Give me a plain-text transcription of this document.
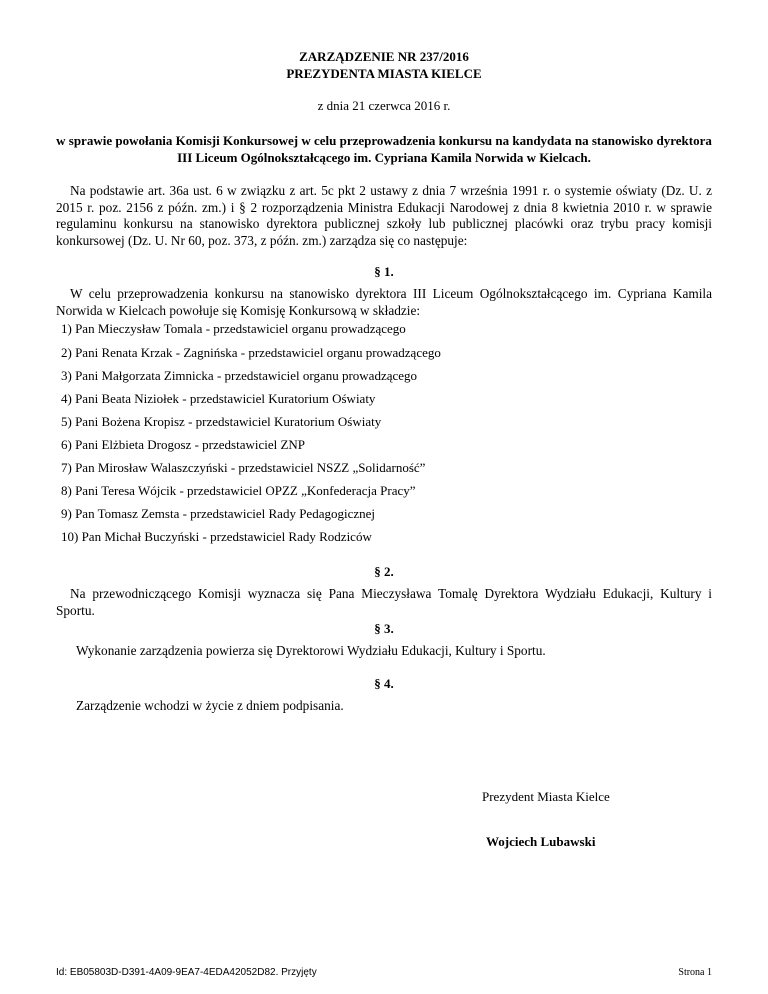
ZARZĄDZENIE NR 237/2016
PREZYDENTA MIASTA KIELCE
z dnia 21 czerwca 2016 r.
w sprawie powołania Komisji Konkursowej w celu przeprowadzenia konkursu na kandydata na stanowisko dyrektora III Liceum Ogólnokształcącego im. Cypriana Kamila Norwida w Kielcach.
Na podstawie art. 36a ust. 6 w związku z art. 5c pkt 2 ustawy z dnia 7 września 1991 r. o systemie oświaty (Dz. U. z 2015 r. poz. 2156 z późn. zm.) i § 2 rozporządzenia Ministra Edukacji Narodowej z dnia 8 kwietnia 2010 r. w sprawie regulaminu konkursu na stanowisko dyrektora publicznej szkoły lub publicznej placówki oraz trybu pracy komisji konkursowej (Dz. U. Nr 60, poz. 373, z późn. zm.) zarządza się co następuje:
§ 1.
W celu przeprowadzenia konkursu na stanowisko dyrektora III Liceum Ogólnokształcącego im. Cypriana Kamila Norwida w Kielcach powołuje się Komisję Konkursową w składzie:
1) Pan Mieczysław Tomala - przedstawiciel organu prowadzącego
2) Pani Renata Krzak - Zagnińska - przedstawiciel organu prowadzącego
3) Pani Małgorzata Zimnicka - przedstawiciel organu prowadzącego
4) Pani Beata Niziołek - przedstawiciel Kuratorium Oświaty
5) Pani Bożena Kropisz - przedstawiciel Kuratorium Oświaty
6) Pani Elżbieta Drogosz - przedstawiciel ZNP
7) Pan Mirosław Walaszczyński - przedstawiciel NSZZ „Solidarność”
8) Pani Teresa Wójcik - przedstawiciel OPZZ „Konfederacja Pracy”
9) Pan Tomasz Zemsta - przedstawiciel Rady Pedagogicznej
10) Pan Michał Buczyński - przedstawiciel Rady Rodziców
§ 2.
Na przewodniczącego Komisji wyznacza się Pana Mieczysława Tomalę Dyrektora Wydziału Edukacji, Kultury i Sportu.
§ 3.
Wykonanie zarządzenia powierza się Dyrektorowi Wydziału Edukacji, Kultury i Sportu.
§ 4.
Zarządzenie wchodzi w życie z dniem podpisania.
Prezydent Miasta Kielce
Wojciech Lubawski
Id: EB05803D-D391-4A09-9EA7-4EDA42052D82. Przyjęty	Strona 1
